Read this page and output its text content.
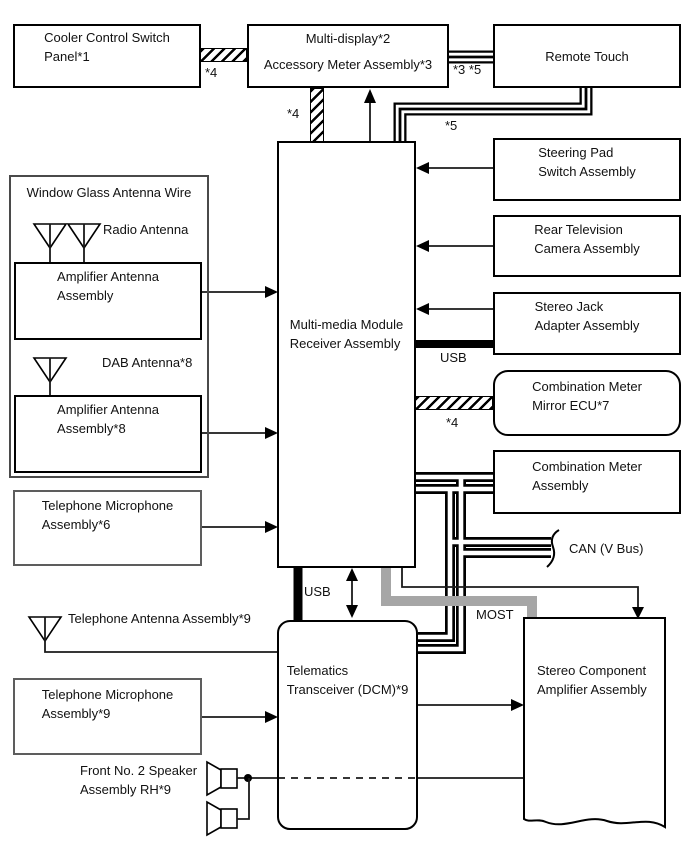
Cooler Control Switch
Panel*1
Multi-display*2
Accessory Meter Assembly*3
Remote Touch
Steering Pad
Switch Assembly
Rear Television
Camera Assembly
Stereo Jack
Adapter Assembly
Combination Meter
Mirror ECU*7
Combination Meter
Assembly
Multi-media Module
Receiver Assembly
Window Glass Antenna Wire
Amplifier Antenna
Assembly
Amplifier Antenna
Assembly*8
Telephone Microphone
Assembly*6
Telephone Microphone
Assembly*9
Telematics
Transceiver (DCM)*9
Stereo Component
Amplifier Assembly
*4	*3 *5
*4
*5
*4
USB
USB
MOST
CAN (V Bus)
Radio Antenna
DAB Antenna*8
Telephone Antenna Assembly*9
Front No. 2 Speaker
Assembly RH*9
